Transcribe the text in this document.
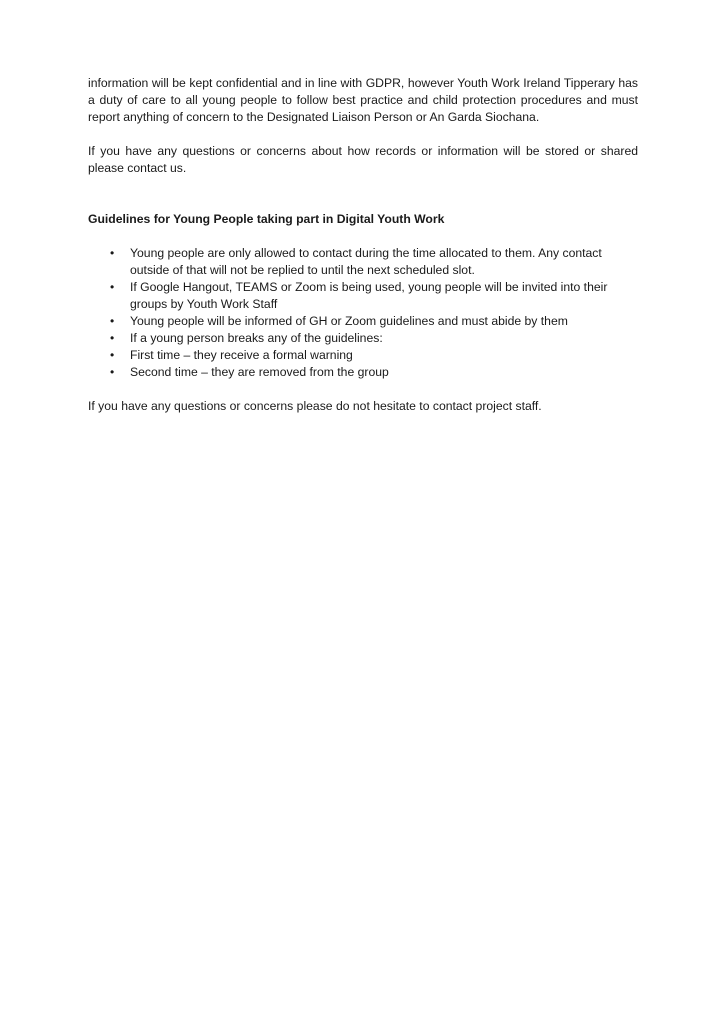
information will be kept confidential and in line with GDPR, however Youth Work Ireland Tipperary has a duty of care to all young people to follow best practice and child protection procedures and must report anything of concern to the Designated Liaison Person or An Garda Siochana.

If you have any questions or concerns about how records or information will be stored or shared please contact us.

Guidelines for Young People taking part in Digital Youth Work

• Young people are only allowed to contact during the time allocated to them. Any contact outside of that will not be replied to until the next scheduled slot.
• If Google Hangout, TEAMS or Zoom is being used, young people will be invited into their groups by Youth Work Staff
• Young people will be informed of GH or Zoom guidelines and must abide by them
• If a young person breaks any of the guidelines:
• First time – they receive a formal warning
• Second time – they are removed from the group

If you have any questions or concerns please do not hesitate to contact project staff.
